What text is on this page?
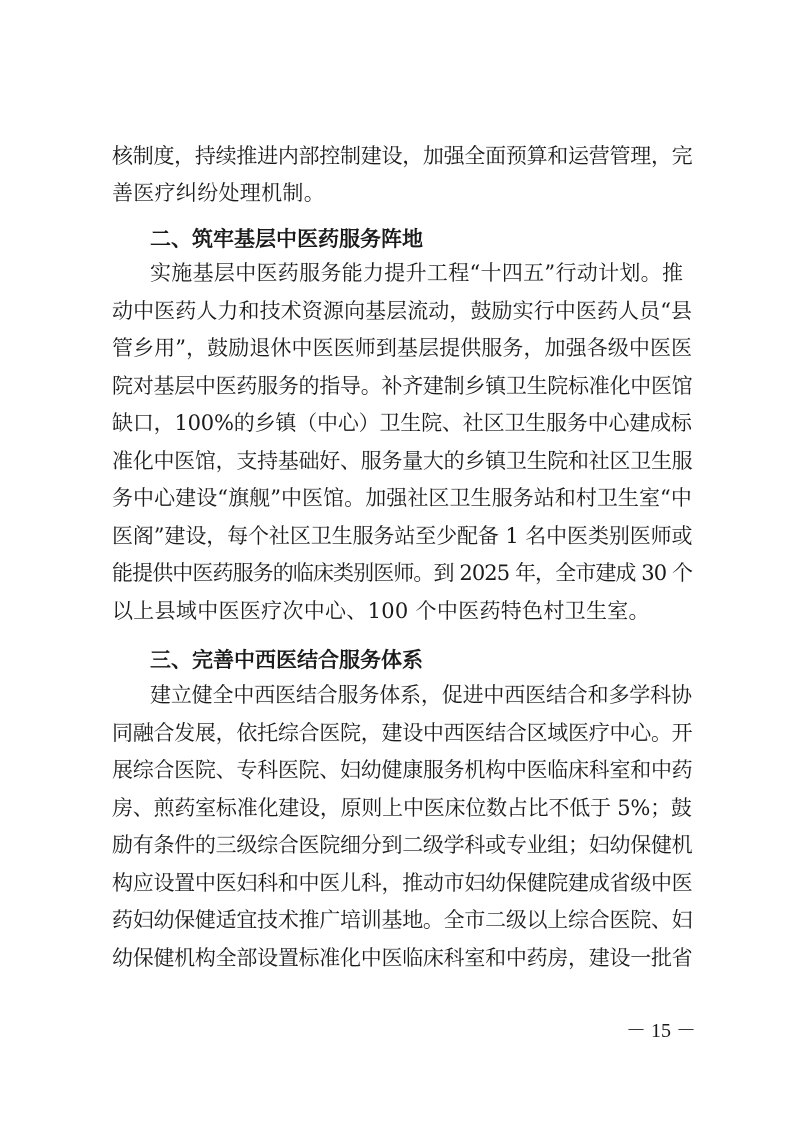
核制度，持续推进内部控制建设，加强全面预算和运营管理，完
善医疗纠纷处理机制。
二、筑牢基层中医药服务阵地
实施基层中医药服务能力提升工程“十四五”行动计划。推
动中医药人力和技术资源向基层流动，鼓励实行中医药人员“县
管乡用”，鼓励退休中医医师到基层提供服务，加强各级中医医
院对基层中医药服务的指导。补齐建制乡镇卫生院标准化中医馆
缺口，100%的乡镇（中心）卫生院、社区卫生服务中心建成标
准化中医馆，支持基础好、服务量大的乡镇卫生院和社区卫生服
务中心建设“旗舰”中医馆。加强社区卫生服务站和村卫生室“中
医阁”建设，每个社区卫生服务站至少配备 1 名中医类别医师或
能提供中医药服务的临床类别医师。到 2025 年，全市建成 30 个
以上县域中医医疗次中心、100 个中医药特色村卫生室。
三、完善中西医结合服务体系
建立健全中西医结合服务体系，促进中西医结合和多学科协
同融合发展，依托综合医院，建设中西医结合区域医疗中心。开
展综合医院、专科医院、妇幼健康服务机构中医临床科室和中药
房、煎药室标准化建设，原则上中医床位数占比不低于 5%；鼓
励有条件的三级综合医院细分到二级学科或专业组；妇幼保健机
构应设置中医妇科和中医儿科，推动市妇幼保健院建成省级中医
药妇幼保健适宜技术推广培训基地。全市二级以上综合医院、妇
幼保健机构全部设置标准化中医临床科室和中药房，建设一批省
－ 15 －
